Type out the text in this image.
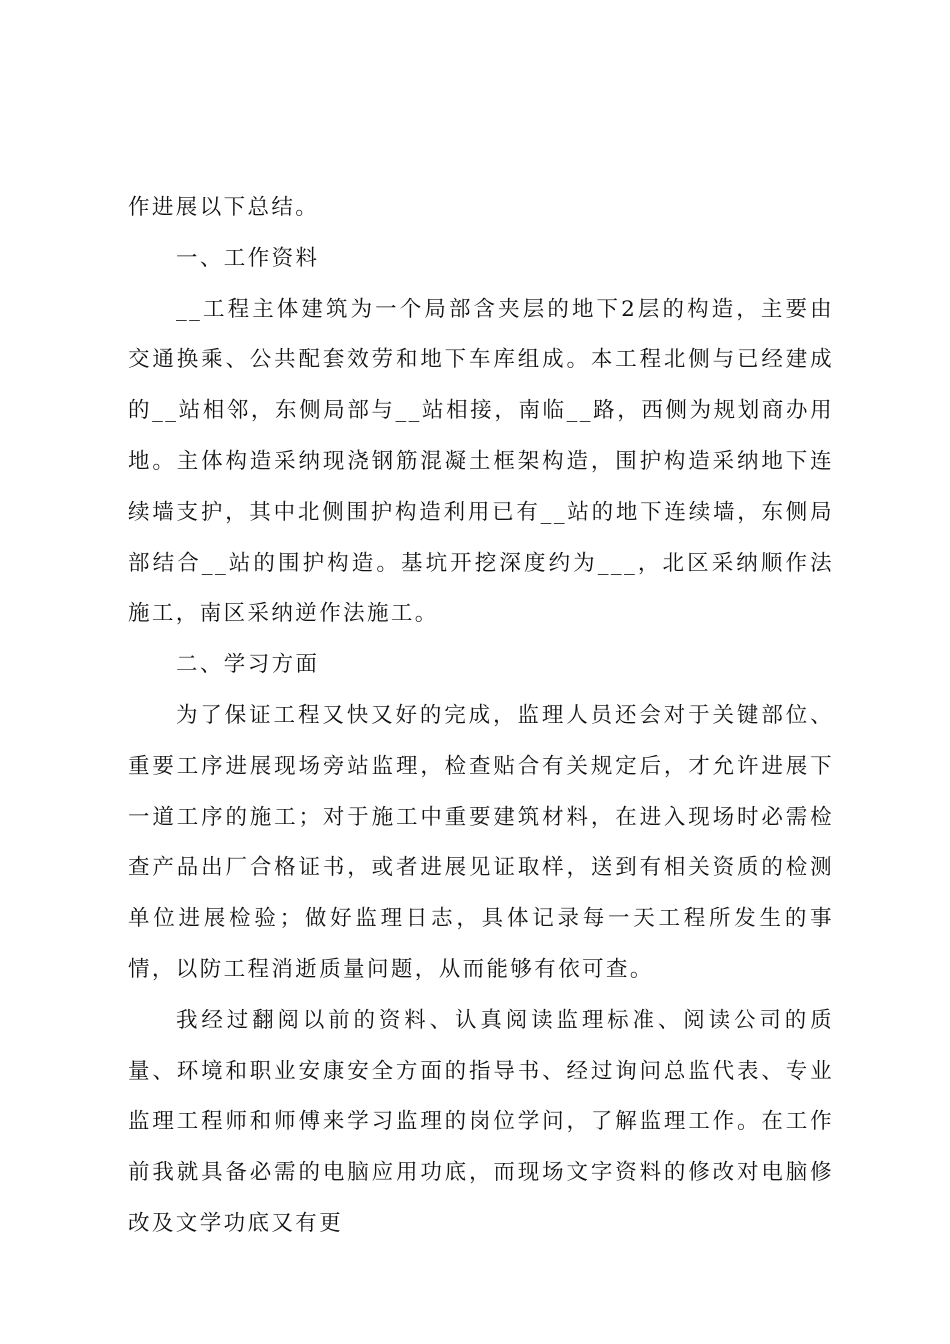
作进展以下总结。

一、工作资料

__工程主体建筑为一个局部含夹层的地下2层的构造，主要由交通换乘、公共配套效劳和地下车库组成。本工程北侧与已经建成的__站相邻，东侧局部与__站相接，南临__路，西侧为规划商办用地。主体构造采纳现浇钢筋混凝土框架构造，围护构造采纳地下连续墙支护，其中北侧围护构造利用已有__站的地下连续墙，东侧局部结合__站的围护构造。基坑开挖深度约为___，北区采纳顺作法施工，南区采纳逆作法施工。

二、学习方面

为了保证工程又快又好的完成，监理人员还会对于关键部位、重要工序进展现场旁站监理，检查贴合有关规定后，才允许进展下一道工序的施工；对于施工中重要建筑材料，在进入现场时必需检查产品出厂合格证书，或者进展见证取样，送到有相关资质的检测单位进展检验；做好监理日志，具体记录每一天工程所发生的事情，以防工程消逝质量问题，从而能够有依可查。

我经过翻阅以前的资料、认真阅读监理标准、阅读公司的质量、环境和职业安康安全方面的指导书、经过询问总监代表、专业监理工程师和师傅来学习监理的岗位学问，了解监理工作。在工作前我就具备必需的电脑应用功底，而现场文字资料的修改对电脑修改及文学功底又有更
